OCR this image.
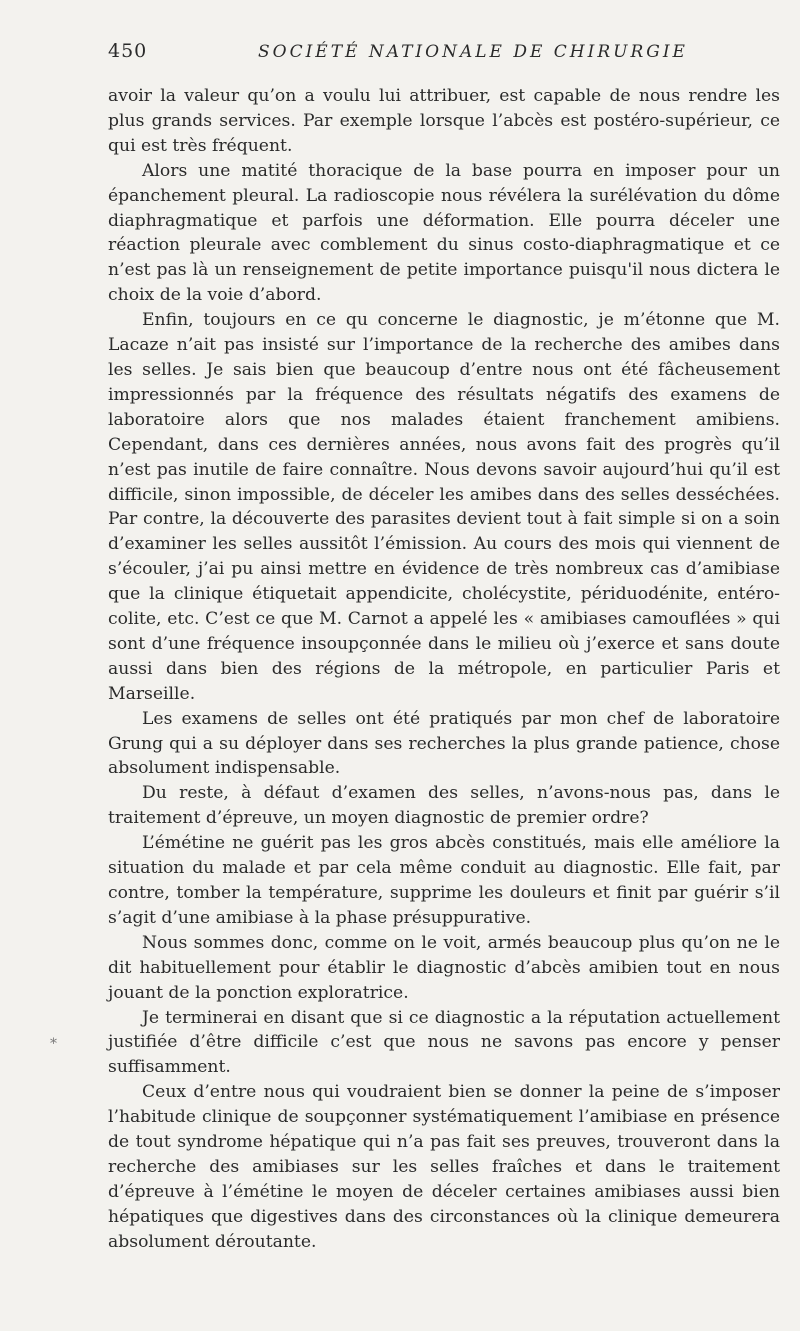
450	SOCIÉTÉ NATIONALE DE CHIRURGIE
*

avoir la valeur qu’on a voulu lui attribuer, est capable de nous rendre les plus grands services. Par exemple lorsque l’abcès est postéro-supérieur, ce qui est très fréquent.

Alors une matité thoracique de la base pourra en imposer pour un épanchement pleural. La radioscopie nous révélera la surélévation du dôme diaphragmatique et parfois une déformation. Elle pourra déceler une réaction pleurale avec comblement du sinus costo-diaphragmatique et ce n’est pas là un renseignement de petite importance puisqu'il nous dictera le choix de la voie d’abord.

Enfin, toujours en ce qu concerne le diagnostic, je m’étonne que M. Lacaze n’ait pas insisté sur l’importance de la recherche des amibes dans les selles. Je sais bien que beaucoup d’entre nous ont été fâcheusement impressionnés par la fréquence des résultats négatifs des examens de laboratoire alors que nos malades étaient franchement amibiens. Cependant, dans ces dernières années, nous avons fait des progrès qu’il n’est pas inutile de faire connaître. Nous devons savoir aujourd’hui qu’il est difficile, sinon impossible, de déceler les amibes dans des selles desséchées. Par contre, la découverte des parasites devient tout à fait simple si on a soin d’examiner les selles aussitôt l’émission. Au cours des mois qui viennent de s’écouler, j’ai pu ainsi mettre en évidence de très nombreux cas d’amibiase que la clinique étiquetait appendicite, cholécystite, périduodénite, entéro-colite, etc. C’est ce que M. Carnot a appelé les « amibiases camouflées » qui sont d’une fréquence insoupçonnée dans le milieu où j’exerce et sans doute aussi dans bien des régions de la métropole, en particulier Paris et Marseille.

Les examens de selles ont été pratiqués par mon chef de laboratoire Grung qui a su déployer dans ses recherches la plus grande patience, chose absolument indispensable.

Du reste, à défaut d’examen des selles, n’avons-nous pas, dans le traitement d’épreuve, un moyen diagnostic de premier ordre?

L’émétine ne guérit pas les gros abcès constitués, mais elle améliore la situation du malade et par cela même conduit au diagnostic. Elle fait, par contre, tomber la température, supprime les douleurs et finit par guérir s’il s’agit d’une amibiase à la phase présuppurative.

Nous sommes donc, comme on le voit, armés beaucoup plus qu’on ne le dit habituellement pour établir le diagnostic d’abcès amibien tout en nous jouant de la ponction exploratrice.

Je terminerai en disant que si ce diagnostic a la réputation actuellement justifiée d’être difficile c’est que nous ne savons pas encore y penser suffisamment.

Ceux d’entre nous qui voudraient bien se donner la peine de s’imposer l’habitude clinique de soupçonner systématiquement l’amibiase en présence de tout syndrome hépatique qui n’a pas fait ses preuves, trouveront dans la recherche des amibiases sur les selles fraîches et dans le traitement d’épreuve à l’émétine le moyen de déceler certaines amibiases aussi bien hépatiques que digestives dans des circonstances où la clinique demeurera absolument déroutante.
